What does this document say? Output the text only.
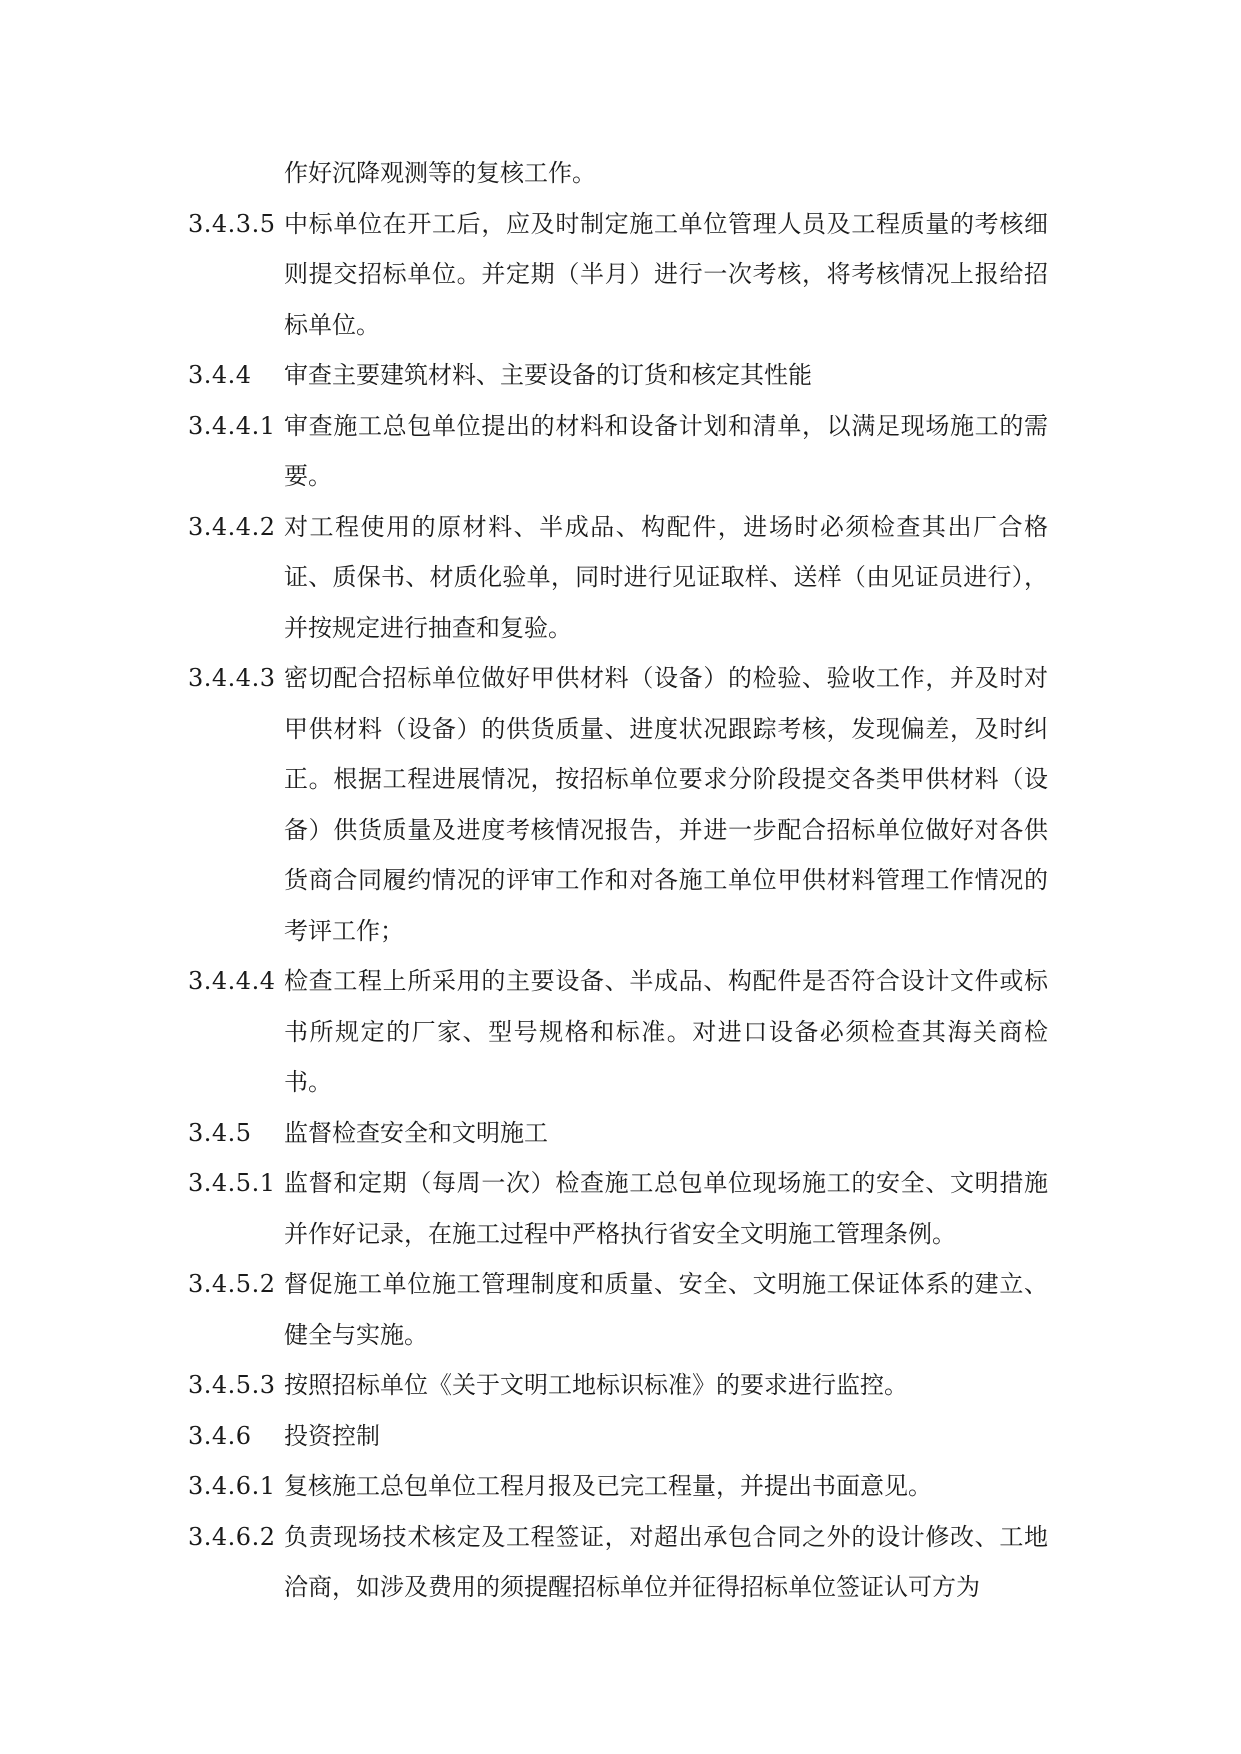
作好沉降观测等的复核工作。
3.4.3.5 中标单位在开工后，应及时制定施工单位管理人员及工程质量的考核细则提交招标单位。并定期（半月）进行一次考核，将考核情况上报给招标单位。
3.4.4	审查主要建筑材料、主要设备的订货和核定其性能
3.4.4.1 审查施工总包单位提出的材料和设备计划和清单，以满足现场施工的需要。
3.4.4.2 对工程使用的原材料、半成品、构配件，进场时必须检查其出厂合格证、质保书、材质化验单，同时进行见证取样、送样（由见证员进行），并按规定进行抽查和复验。
3.4.4.3 密切配合招标单位做好甲供材料（设备）的检验、验收工作，并及时对甲供材料（设备）的供货质量、进度状况跟踪考核，发现偏差，及时纠正。根据工程进展情况，按招标单位要求分阶段提交各类甲供材料（设备）供货质量及进度考核情况报告，并进一步配合招标单位做好对各供货商合同履约情况的评审工作和对各施工单位甲供材料管理工作情况的考评工作；
3.4.4.4 检查工程上所采用的主要设备、半成品、构配件是否符合设计文件或标书所规定的厂家、型号规格和标准。对进口设备必须检查其海关商检书。
3.4.5	监督检查安全和文明施工
3.4.5.1 监督和定期（每周一次）检查施工总包单位现场施工的安全、文明措施并作好记录，在施工过程中严格执行省安全文明施工管理条例。
3.4.5.2 督促施工单位施工管理制度和质量、安全、文明施工保证体系的建立、健全与实施。
3.4.5.3 按照招标单位《关于文明工地标识标准》的要求进行监控。
3.4.6	投资控制
3.4.6.1 复核施工总包单位工程月报及已完工程量，并提出书面意见。
3.4.6.2 负责现场技术核定及工程签证，对超出承包合同之外的设计修改、工地洽商，如涉及费用的须提醒招标单位并征得招标单位签证认可方为
